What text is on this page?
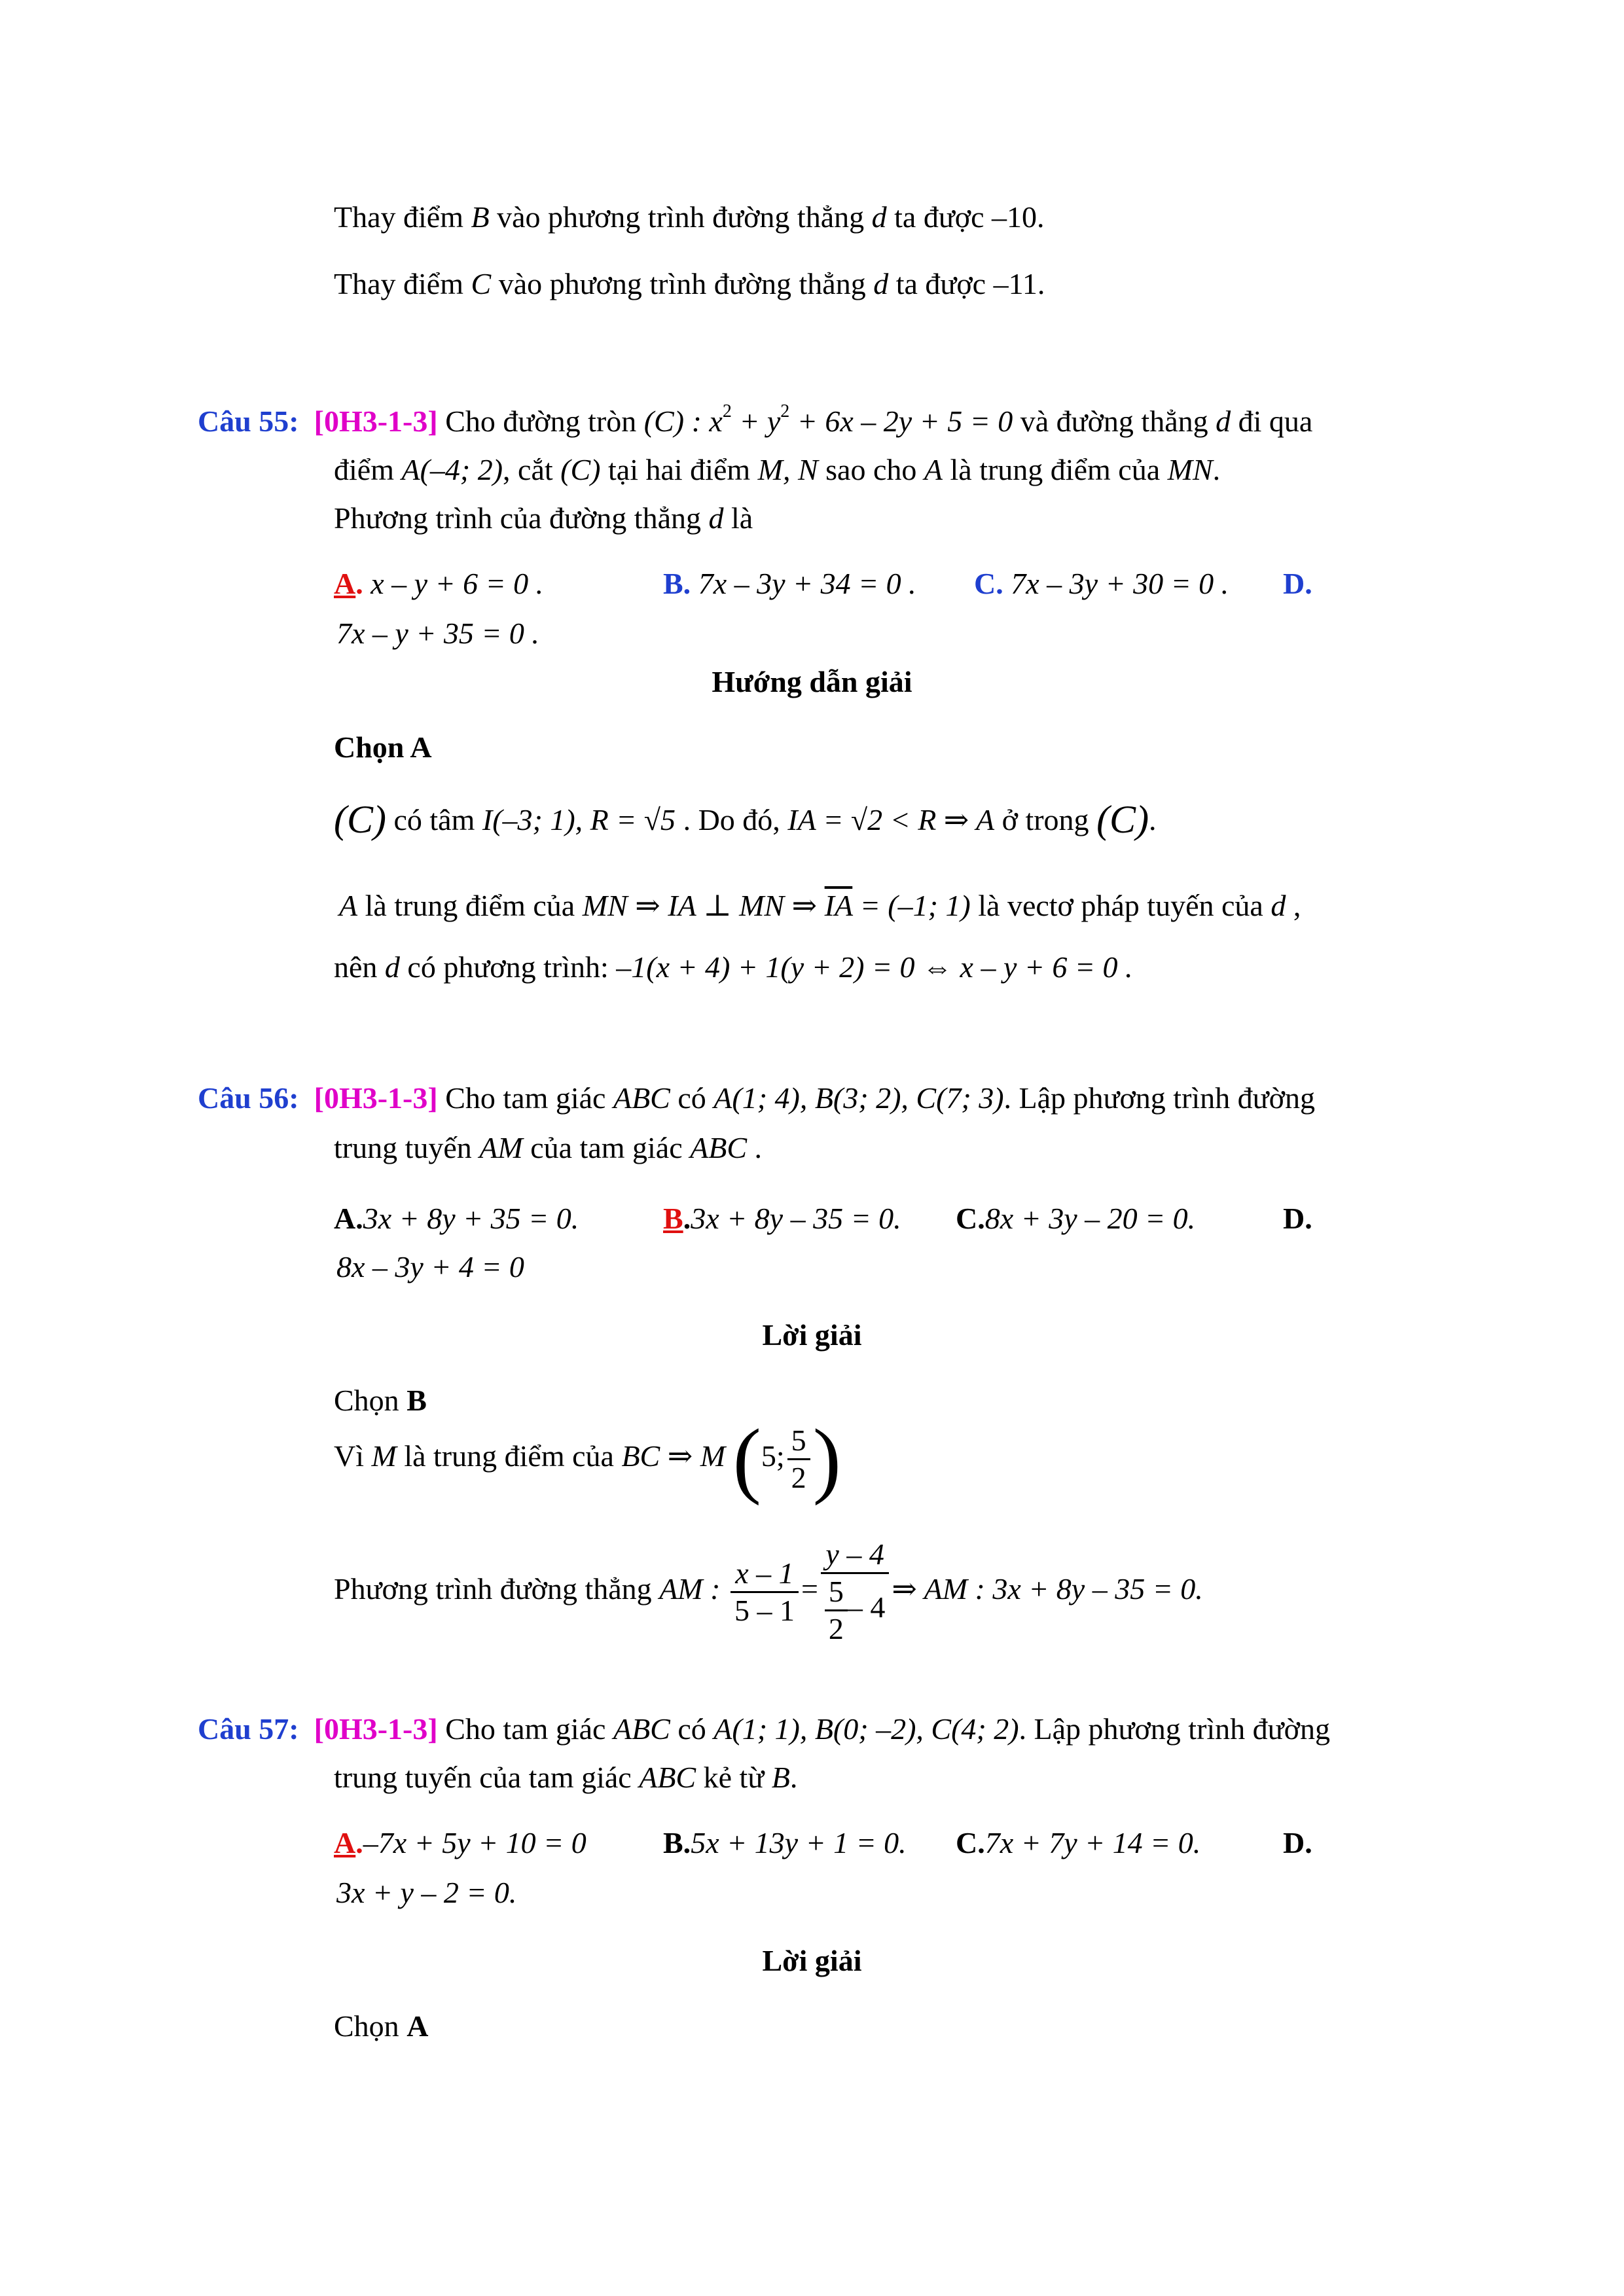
Thay điểm B vào phương trình đường thẳng d ta được –10.
Thay điểm C vào phương trình đường thẳng d ta được –11.
Câu 55: [0H3-1-3] Cho đường tròn (C) : $x^2 + y^2 + 6x - 2y + 5 = 0$ và đường thẳng d đi qua
điểm A(–4; 2), cắt (C) tại hai điểm M, N sao cho A là trung điểm của MN.
Phương trình của đường thẳng d là
A. x – y + 6 = 0 .	B. 7x – 3y + 34 = 0 . C. 7x – 3y + 30 = 0 . D.
7x – y + 35 = 0 .
Hướng dẫn giải
Chọn A
(C) có tâm I(–3; 1), R = √5 . Do đó, IA = √2 < R ⇒ A ở trong (C).
A là trung điểm của MN ⇒ IA ⊥ MN ⇒ $\overline{IA} = (-1$; 1) là vectơ pháp tuyến của d ,
nên d có phương trình: –1(x + 4) + 1(y + 2) = 0 ⇔ x – y + 6 = 0 .
Câu 56: [0H3-1-3] Cho tam giác ABC có A(1; 4), B(3; 2), C(7; 3). Lập phương trình đường
trung tuyến AM của tam giác ABC .
A.3x + 8y + 35 = 0.	B.3x + 8y – 35 = 0. C.8x + 3y – 20 = 0.	D.
8x – 3y + 4 = 0
Lời giải
Chọn B
Vì M là trung điểm của BC ⇒ M (5; $\frac{5}{2}$ )
Phương trình đường thẳng AM : $\frac{x - 1}{5 - 1} = \frac{y - 4}{\frac{5}{2} - 4}$ ⇒ AM : 3x + 8y – 35 = 0.
Câu 57: [0H3-1-3] Cho tam giác ABC có A(1; 1), B(0; –2), C(4; 2). Lập phương trình đường
trung tuyến của tam giác ABC kẻ từ B.
A.–7x + 5y + 10 = 0	B.5x + 13y + 1 = 0. C.7x + 7y + 14 = 0.	D.
3x + y – 2 = 0.
Lời giải
Chọn A
